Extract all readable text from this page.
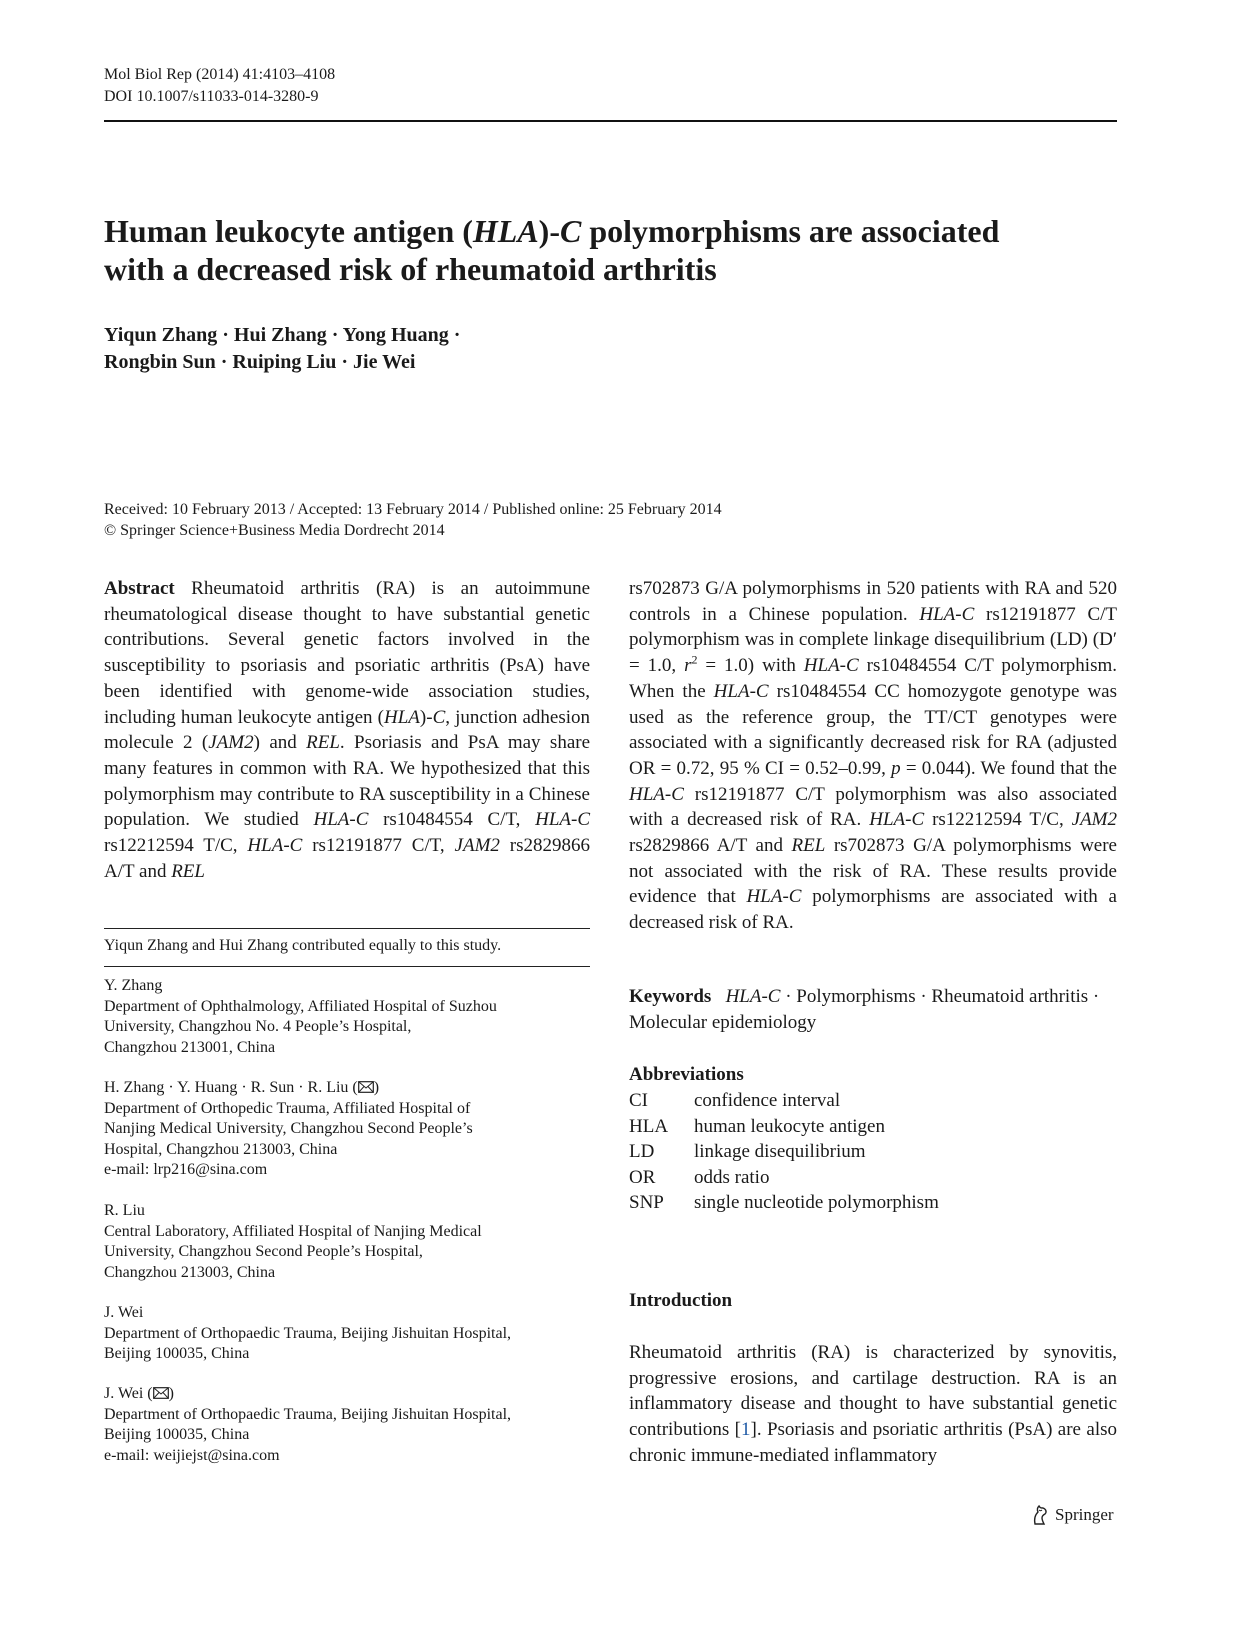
Mol Biol Rep (2014) 41:4103–4108
DOI 10.1007/s11033-014-3280-9
Human leukocyte antigen (HLA)-C polymorphisms are associated
with a decreased risk of rheumatoid arthritis
Yiqun Zhang · Hui Zhang · Yong Huang ·
Rongbin Sun · Ruiping Liu · Jie Wei
Received: 10 February 2013 / Accepted: 13 February 2014 / Published online: 25 February 2014
© Springer Science+Business Media Dordrecht 2014

Abstract Rheumatoid arthritis (RA) is an autoimmune rheumatological disease thought to have substantial genetic contributions. Several genetic factors involved in the susceptibility to psoriasis and psoriatic arthritis (PsA) have been identified with genome-wide association studies, including human leukocyte antigen (HLA)-C, junction adhesion molecule 2 (JAM2) and REL. Psoriasis and PsA may share many features in common with RA. We hypothesized that this polymorphism may contribute to RA susceptibility in a Chinese population. We studied HLA-C rs10484554 C/T, HLA-C rs12212594 T/C, HLA-C rs12191877 C/T, JAM2 rs2829866 A/T and REL

Yiqun Zhang and Hui Zhang contributed equally to this study.
Y. Zhang
Department of Ophthalmology, Affiliated Hospital of Suzhou
University, Changzhou No. 4 People’s Hospital,
Changzhou 213001, China
H. Zhang · Y. Huang · R. Sun · R. Liu ( )
Department of Orthopedic Trauma, Affiliated Hospital of
Nanjing Medical University, Changzhou Second People’s
Hospital, Changzhou 213003, China
e-mail: lrp216@sina.com
R. Liu
Central Laboratory, Affiliated Hospital of Nanjing Medical
University, Changzhou Second People’s Hospital,
Changzhou 213003, China
J. Wei
Department of Orthopaedic Trauma, Beijing Jishuitan Hospital,
Beijing 100035, China
J. Wei ( )
Department of Orthopaedic Trauma, Beijing Jishuitan Hospital,
Beijing 100035, China
e-mail: weijiejst@sina.com

rs702873 G/A polymorphisms in 520 patients with RA and 520 controls in a Chinese population. HLA-C rs12191877 C/T polymorphism was in complete linkage disequilibrium (LD) (D′ = 1.0, $r^2 = 1.0$) with HLA-C rs10484554 C/T polymorphism. When the HLA-C rs10484554 CC homozygote genotype was used as the reference group, the TT/CT genotypes were associated with a significantly decreased risk for RA (adjusted OR = 0.72, 95 % CI = 0.52–0.99, p = 0.044). We found that the HLA-C rs12191877 C/T polymorphism was also associated with a decreased risk of RA. HLA-C rs12212594 T/C, JAM2 rs2829866 A/T and REL rs702873 G/A polymorphisms were not associated with the risk of RA. These results provide evidence that HLA-C polymorphisms are associated with a decreased risk of RA.

Keywords HLA-C · Polymorphisms · Rheumatoid arthritis · Molecular epidemiology
Abbreviations
CI	confidence interval
HLA	human leukocyte antigen
LD	linkage disequilibrium
OR	odds ratio
SNP	single nucleotide polymorphism
Introduction

Rheumatoid arthritis (RA) is characterized by synovitis, progressive erosions, and cartilage destruction. RA is an inflammatory disease and thought to have substantial genetic contributions [1]. Psoriasis and psoriatic arthritis (PsA) are also chronic immune-mediated inflammatory

Springer
